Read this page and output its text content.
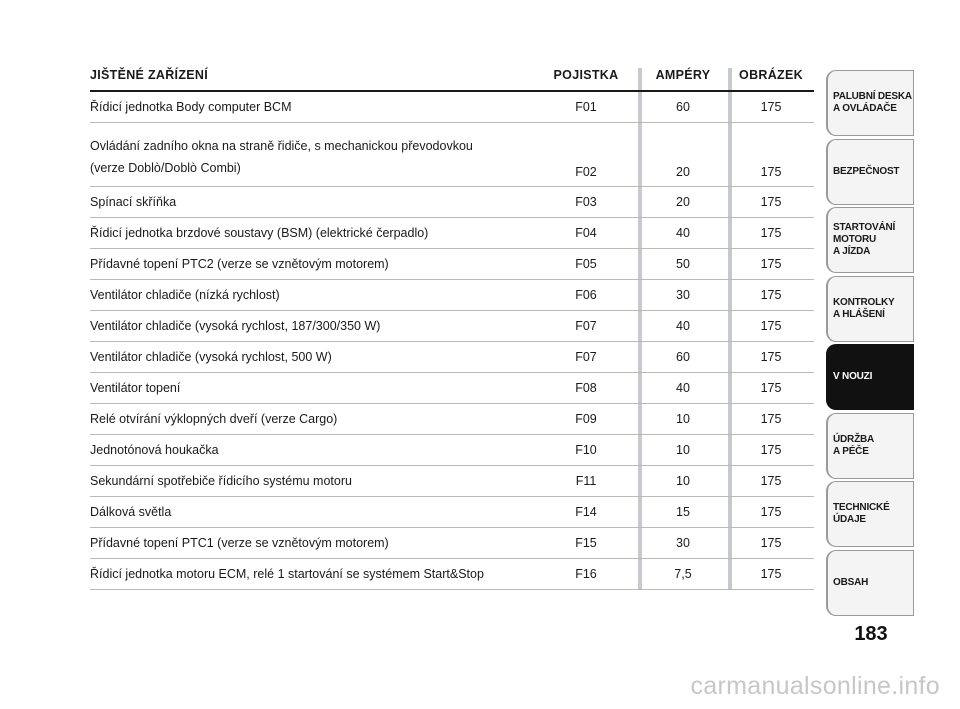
JIŠTĚNÉ ZAŘÍZENÍ	POJISTKA	AMPÉRY	OBRÁZEK

Řídicí jednotka Body computer BCM	F01	60	175

Ovládání zadního okna na straně řidiče, s mechanickou převodovkou
(verze Doblò/Doblò Combi)	F02	20	175

Spínací skříňka	F03	20	175

Řídicí jednotka brzdové soustavy (BSM) (elektrické čerpadlo)	F04	40	175

Přídavné topení PTC2 (verze se vznětovým motorem)	F05	50	175

Ventilátor chladiče (nízká rychlost)	F06	30	175

Ventilátor chladiče (vysoká rychlost, 187/300/350 W)	F07	40	175

Ventilátor chladiče (vysoká rychlost, 500 W)	F07	60	175

Ventilátor topení	F08	40	175

Relé otvírání výklopných dveří (verze Cargo)	F09	10	175

Jednotónová houkačka	F10	10	175

Sekundární spotřebiče řídicího systému motoru	F11	10	175

Dálková světla	F14	15	175

Přídavné topení PTC1 (verze se vznětovým motorem)	F15	30	175

Řídicí jednotka motoru ECM, relé 1 startování se systémem Start&Stop	F16	7,5	175
PALUBNÍ DESKA
A OVLÁDAČE
BEZPEČNOST
STARTOVÁNÍ
MOTORU
A JÍZDA
KONTROLKY
A HLÁŠENÍ
V NOUZI
ÚDRŽBA
A PÉČE
TECHNICKÉ
ÚDAJE
OBSAH
183
carmanualsonline.info
